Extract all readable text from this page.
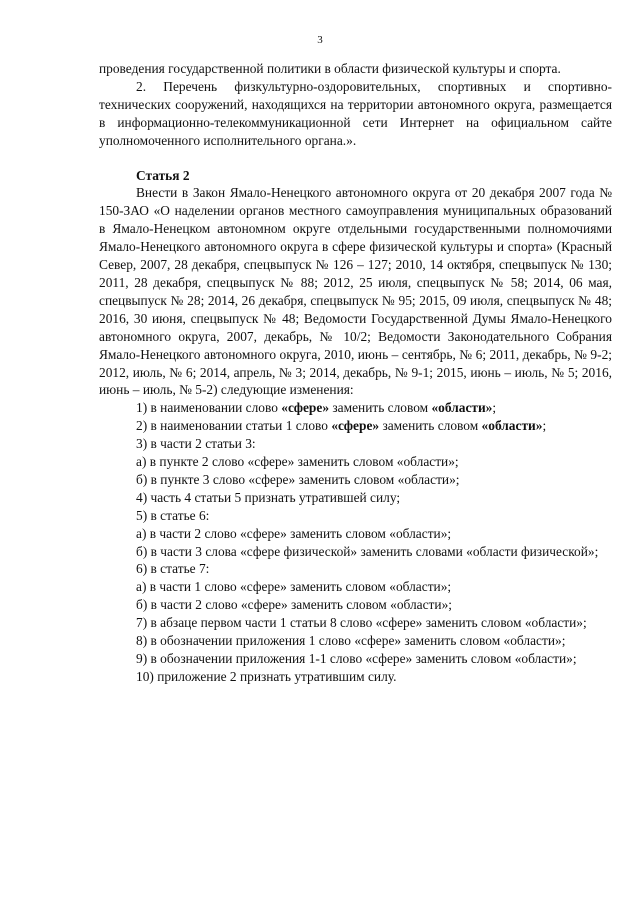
3

проведения государственной политики в области физической культуры и спорта.

2. Перечень физкультурно-оздоровительных, спортивных и спортивно-технических сооружений, находящихся на территории автономного округа, размещается в информационно-телекоммуникационной сети Интернет на официальном сайте уполномоченного исполнительного органа.».

Статья 2

Внести в Закон Ямало-Ненецкого автономного округа от 20 декабря 2007 года № 150-ЗАО «О наделении органов местного самоуправления муниципальных образований в Ямало-Ненецком автономном округе отдельными государственными полномочиями Ямало-Ненецкого автономного округа в сфере физической культуры и спорта» (Красный Север, 2007, 28 декабря, спецвыпуск № 126 – 127; 2010, 14 октября, спецвыпуск № 130; 2011, 28 декабря, спецвыпуск № 88; 2012, 25 июля, спецвыпуск № 58; 2014, 06 мая, спецвыпуск № 28; 2014, 26 декабря, спецвыпуск № 95; 2015, 09 июля, спецвыпуск № 48; 2016, 30 июня, спецвыпуск № 48; Ведомости Государственной Думы Ямало-Ненецкого автономного округа, 2007, декабрь, № 10/2; Ведомости Законодательного Собрания Ямало-Ненецкого автономного округа, 2010, июнь – сентябрь, № 6; 2011, декабрь, № 9-2; 2012, июль, № 6; 2014, апрель, № 3; 2014, декабрь, № 9-1; 2015, июнь – июль, № 5; 2016, июнь – июль, № 5-2) следующие изменения:

1) в наименовании слово «сфере» заменить словом «области»;

2) в наименовании статьи 1 слово «сфере» заменить словом «области»;

3) в части 2 статьи 3:

а) в пункте 2 слово «сфере» заменить словом «области»;

б) в пункте 3 слово «сфере» заменить словом «области»;

4) часть 4 статьи 5 признать утратившей силу;

5) в статье 6:

а) в части 2 слово «сфере» заменить словом «области»;

б) в части 3 слова «сфере физической» заменить словами «области физической»;

6) в статье 7:

а) в части 1 слово «сфере» заменить словом «области»;

б) в части 2 слово «сфере» заменить словом «области»;

7) в абзаце первом части 1 статьи 8 слово «сфере» заменить словом «области»;

8) в обозначении приложения 1 слово «сфере» заменить словом «области»;

9) в обозначении приложения 1-1 слово «сфере» заменить словом «области»;

10) приложение 2 признать утратившим силу.
